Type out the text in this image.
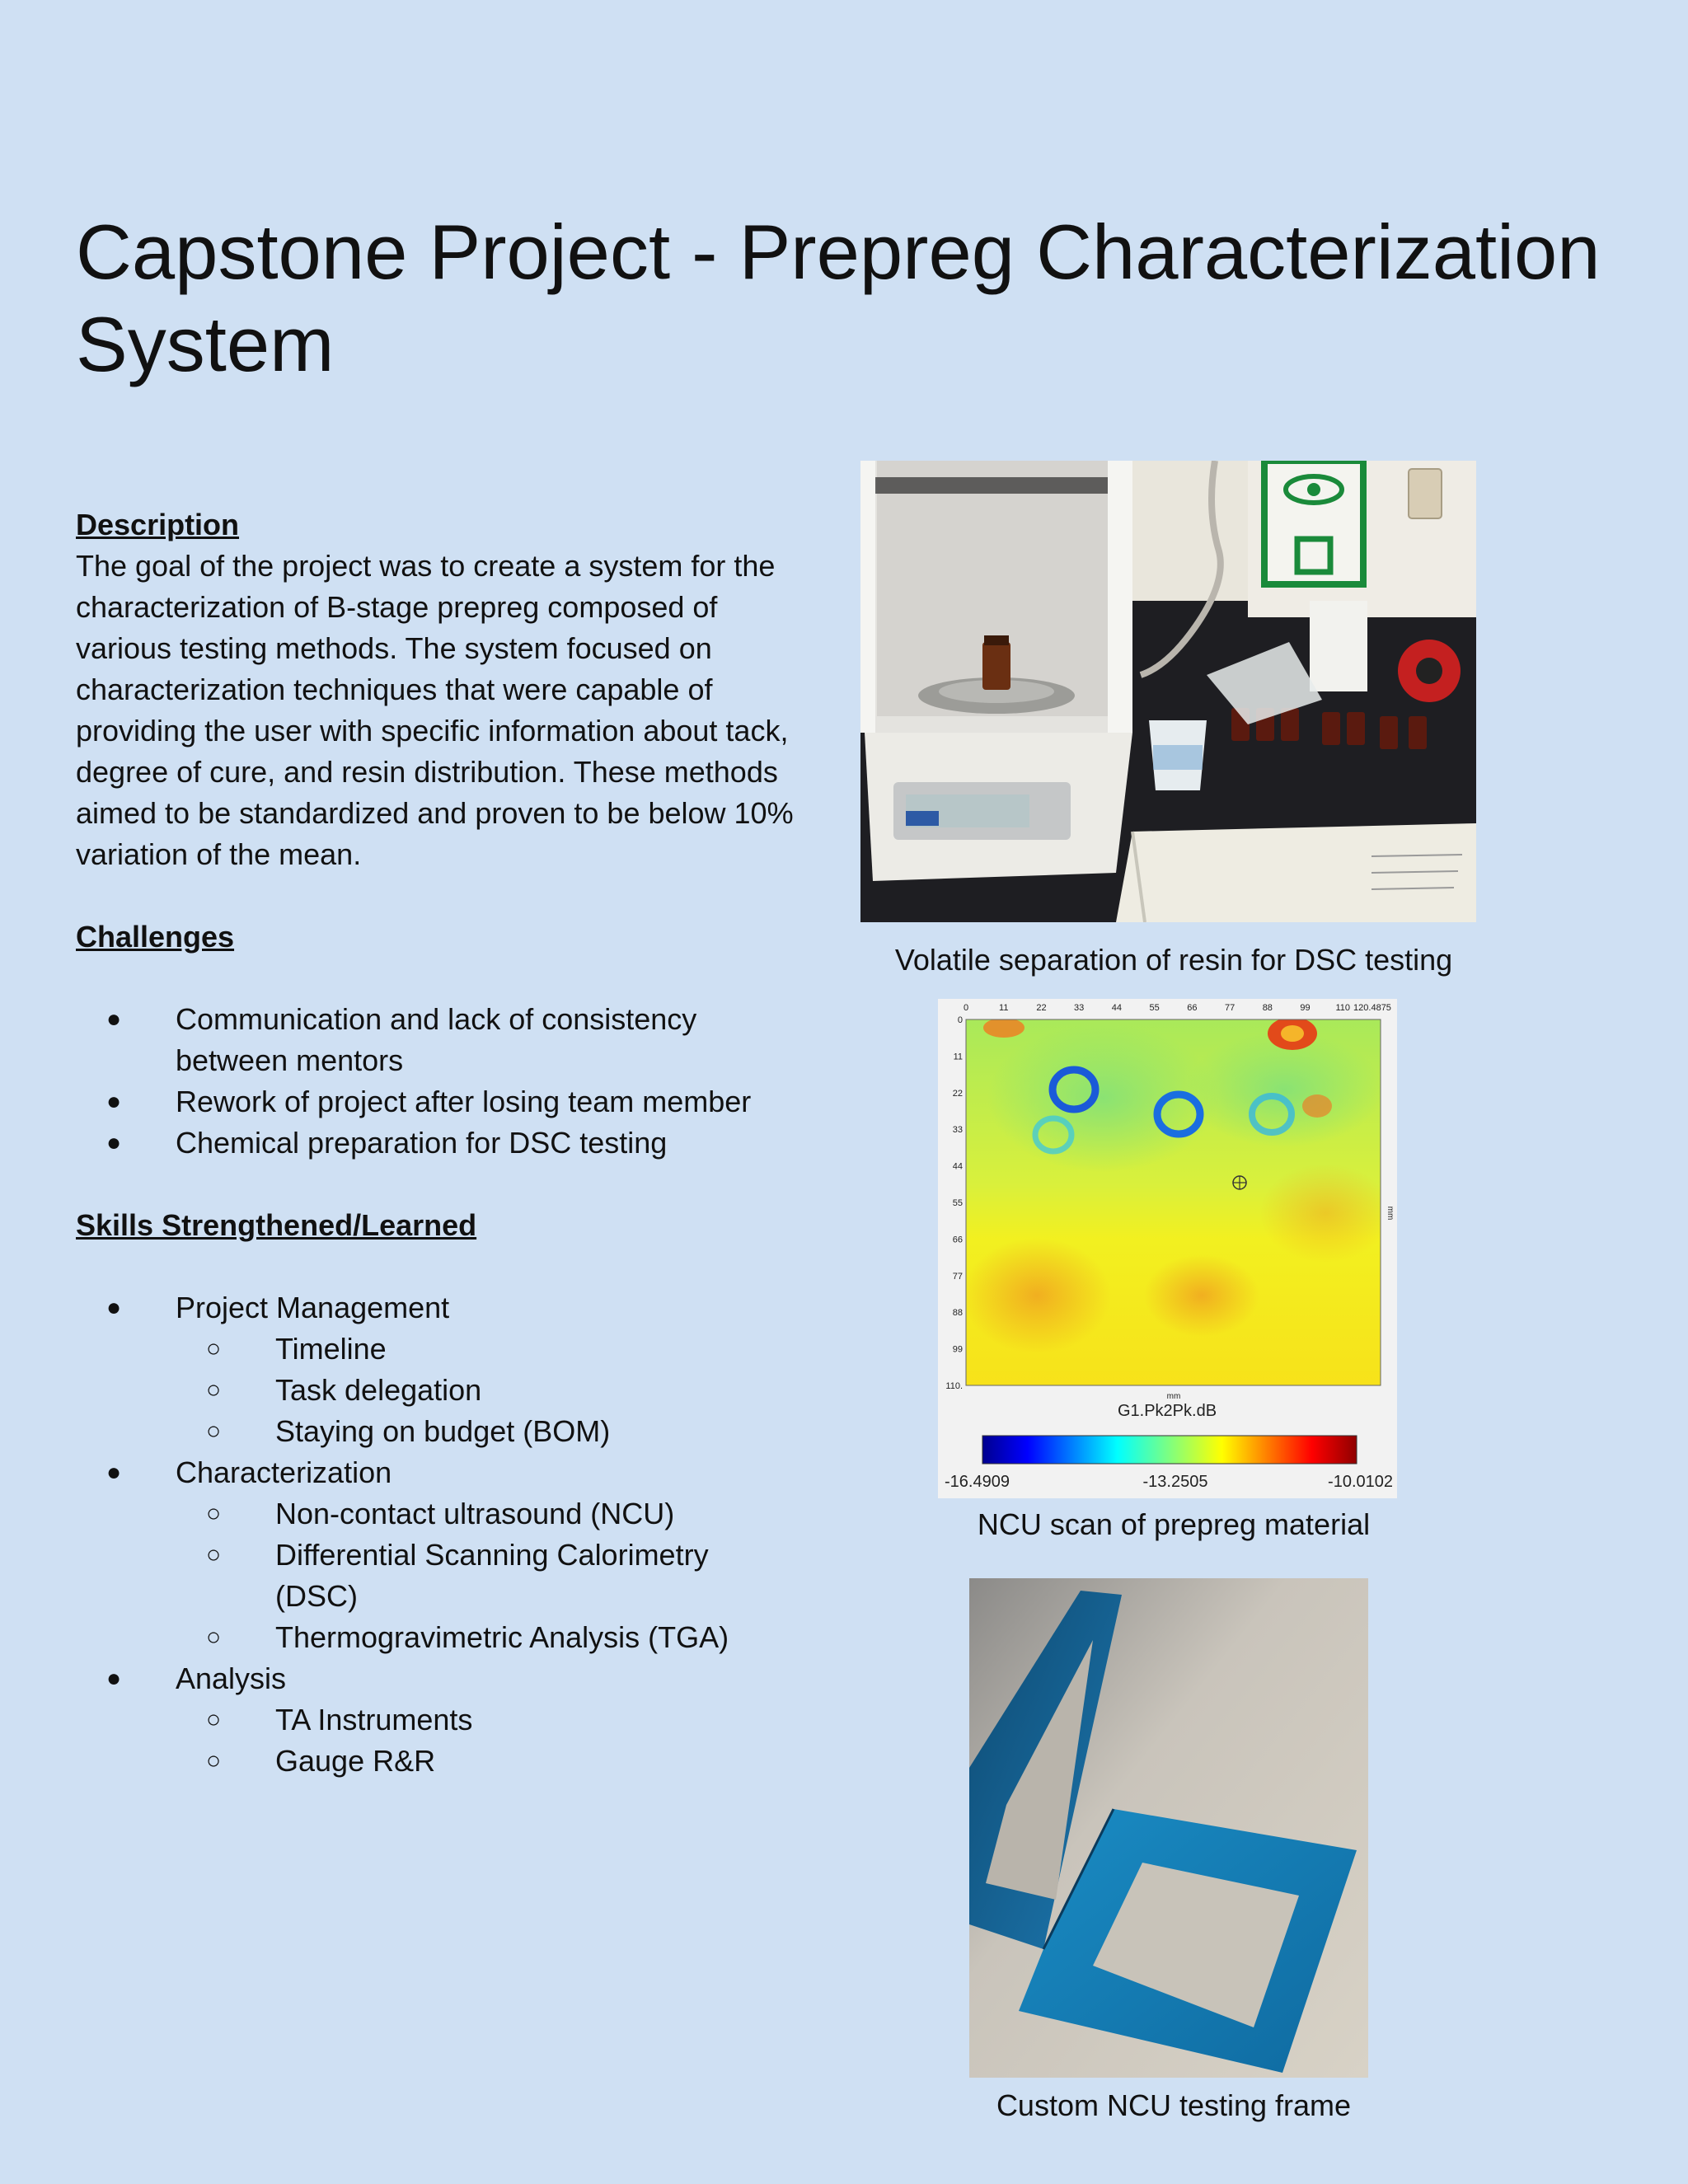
Capstone Project - Prepreg Characterization System

Description

The goal of the project was to create a system for the characterization of B-stage prepreg composed of various testing methods. The system focused on characterization techniques that were capable of providing the user with specific information about tack, degree of cure, and resin distribution. These methods aimed to be standardized and proven to be below 10% variation of the mean.

Challenges

● Communication and lack of consistency between mentors
● Rework of project after losing team member
● Chemical preparation for DSC testing

Skills Strengthened/Learned

● Project Management
○ Timeline
○ Task delegation
○ Staying on budget (BOM)
● Characterization
○ Non-contact ultrasound (NCU)
○ Differential Scanning Calorimetry (DSC)
○ Thermogravimetric Analysis (TGA)
● Analysis
○ TA Instruments
○ Gauge R&R
Volatile separation of resin for DSC testing
0	11	22	33	44	55	66	77	88	99	110 120.4875
0
11
22
33
44
55
66
77
88
99
110.
mm
mm
G1.Pk2Pk.dB
-16.4909	-13.2505	-10.0102
NCU scan of prepreg material
Custom NCU testing frame
